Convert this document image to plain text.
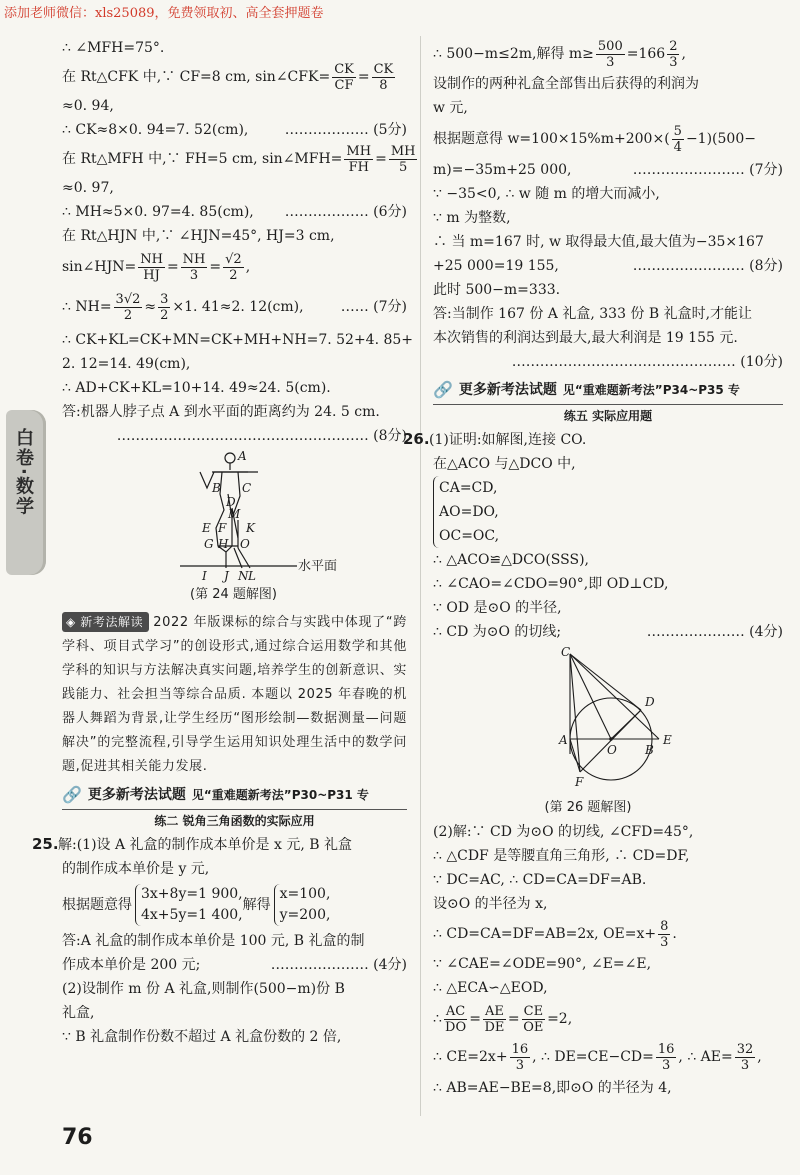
添加老师微信：xls25089，免费领取初、高全套押题卷
白卷·数学
∴ ∠MFH=75°.
在 Rt△CFK 中,∵ CF=8 cm, sin∠CFK= $\frac{CK}{CF} = \frac{CK}{8}$
≈0. 94,
∴ CK≈8×0. 94=7. 52(cm),	……………… (5分)
在 Rt△MFH 中,∵ FH=5 cm, sin∠MFH= $\frac{MH}{FH} = \frac{MH}{5}$
≈0. 97,
∴ MH≈5×0. 97=4. 85(cm), ……………… (6分)
在 Rt△HJN 中,∵ ∠HJN=45°, HJ=3 cm,
sin∠HJN= $\frac{NH}{HJ} = \frac{NH}{3} = \frac{√2}{2}$ ,
∴ $NH= \frac{3√2}{2} \approx \frac{3}{2} \times 1$. 41≈2. 12(cm),	…… (7分)
∴ CK+KL=CK+MN=CK+MH+NH=7. 52+4. 85+
2. 12=14. 49(cm),
∴ AD+CK+KL=10+14. 49≈24. 5(cm).
答:机器人脖子点 A 到水平面的距离约为 24. 5 cm.
……………………………………………… (8分)
A
B C
D
M
E F K
G H O
I J N L
水平面
(第 24 题解图)
◈ 新考法解读 2022 年版课标的综合与实践中体现了“跨学科、项目式学习”的创设形式,通过综合运用数学和其他学科的知识与方法解决真实问题,培养学生的创新意识、实践能力、社会担当等综合品质. 本题以 2025 年春晚的机器人舞蹈为背景,让学生经历“图形绘制—数据测量—问题解决”的完整流程,引导学生运用知识处理生活中的数学问题,促进其相关能力发展.
🔗 更多新考法试题 见“重难题新考法”P30~P31 专
练二 锐角三角函数的实际应用
25.解:(1)设 A 礼盒的制作成本单价是 x 元, B 礼盒
的制作成本单价是 y 元,
根据题意得
3x+8y=1 900,
4x+5y=1 400,
解得
x=100,
y=200,
答:A 礼盒的制作成本单价是 100 元, B 礼盒的制
作成本单价是 200 元;	………………… (4分)
(2)设制作 m 份 A 礼盒,则制作(500−m)份 B
礼盒,
∵ B 礼盒制作份数不超过 A 礼盒份数的 2 倍,
∴ 500−m≤2m,解得 $m\ge \frac{500}{3} =166 \frac{2}{3}$ ,
设制作的两种礼盒全部售出后获得的利润为
w 元,
根据题意得 $w=100\times 15\%m+200\times( \frac{5}{4} -1)(500-$
m)=−35m+25 000,	…………………… (7分)
∵ −35<0, ∴ w 随 m 的增大而减小,
∵ m 为整数,
∴ 当 m=167 时, w 取得最大值,最大值为−35×167
+25 000=19 155,	…………………… (8分)
此时 500−m=333.
答:当制作 167 份 A 礼盒, 333 份 B 礼盒时,才能让
本次销售的利润达到最大,最大利润是 19 155 元.
………………………………………… (10分)
🔗 更多新考法试题 见“重难题新考法”P34~P35 专
练五 实际应用题
26.(1)证明:如解图,连接 CO.
在△ACO 与△DCO 中,
CA=CD,
AO=DO,
OC=OC,
∴ △ACO≌△DCO(SSS),
∴ ∠CAO=∠CDO=90°,即 OD⊥CD,
∵ OD 是⊙O 的半径,
∴ CD 为⊙O 的切线;	………………… (4分)
C
D
A
O B
E
F
(第 26 题解图)
(2)解:∵ CD 为⊙O 的切线, ∠CFD=45°,
∴ △CDF 是等腰直角三角形, ∴ CD=DF,
∵ DC=AC, ∴ CD=CA=DF=AB.
设⊙O 的半径为 x,
∴ CD=CA=DF=AB=2x, $OE=x+ \frac{8}{3}$ .
∵ ∠CAE=∠ODE=90°, ∠E=∠E,
∴ △ECA∽△EOD,
∴ $\frac{AC}{DO} = \frac{AE}{DE} = \frac{CE}{OE} =2$,
∴ $CE=2x+ \frac{16}{3}$ , ∴ $DE=CE-CD= \frac{16}{3}$ , ∴ $AE= \frac{32}{3}$ ,
∴ AB=AE−BE=8,即⊙O 的半径为 4,
76
